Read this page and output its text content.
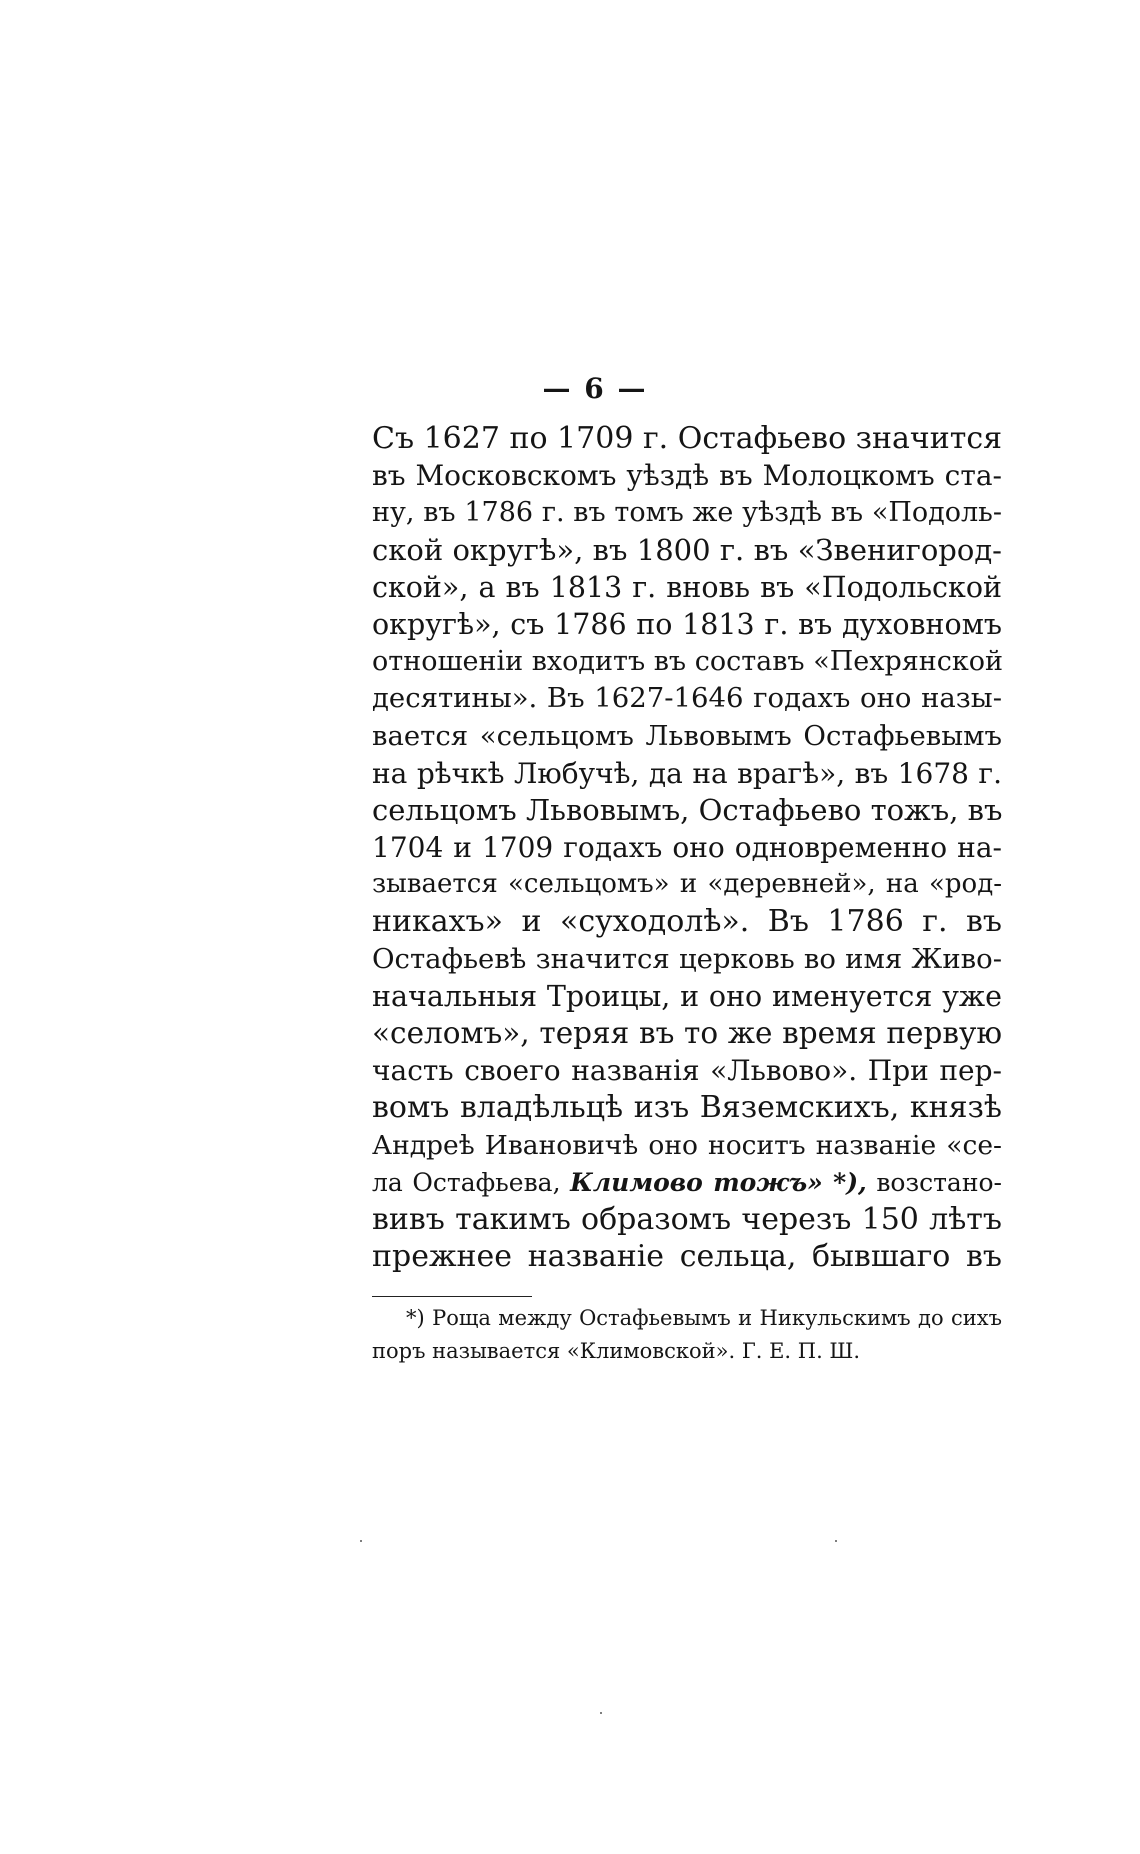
— 6 —
Съ 1627 по 1709 г. Остафьево значится
въ Московскомъ уѣздѣ въ Молоцкомъ ста-
ну, въ 1786 г. въ томъ же уѣздѣ въ «Подоль-
ской округѣ», въ 1800 г. въ «Звенигород-
ской», а въ 1813 г. вновь въ «Подольской
округѣ», съ 1786 по 1813 г. въ духовномъ
отношеніи входитъ въ составъ «Пехрянской
десятины». Въ 1627-1646 годахъ оно назы-
вается «сельцомъ Львовымъ Остафьевымъ
на рѣчкѣ Любучѣ, да на врагѣ», въ 1678 г.
сельцомъ Львовымъ, Остафьево тожъ, въ
1704 и 1709 годахъ оно одновременно на-
зывается «сельцомъ» и «деревней», на «род-
никахъ» и «суходолѣ». Въ 1786 г. въ
Остафьевѣ значится церковь во имя Живо-
начальныя Троицы, и оно именуется уже
«селомъ», теряя въ то же время первую
часть своего названія «Львово». При пер-
вомъ владѣльцѣ изъ Вяземскихъ, князѣ
Андреѣ Ивановичѣ оно носитъ названіе «се-
ла Остафьева, Климово тожъ» *), возстано-
вивъ такимъ образомъ черезъ 150 лѣтъ
прежнее названіе сельца, бывшаго въ
*) Роща между Остафьевымъ и Никульскимъ до сихъ
поръ называется «Климовской». Г. Е. П. Ш.
